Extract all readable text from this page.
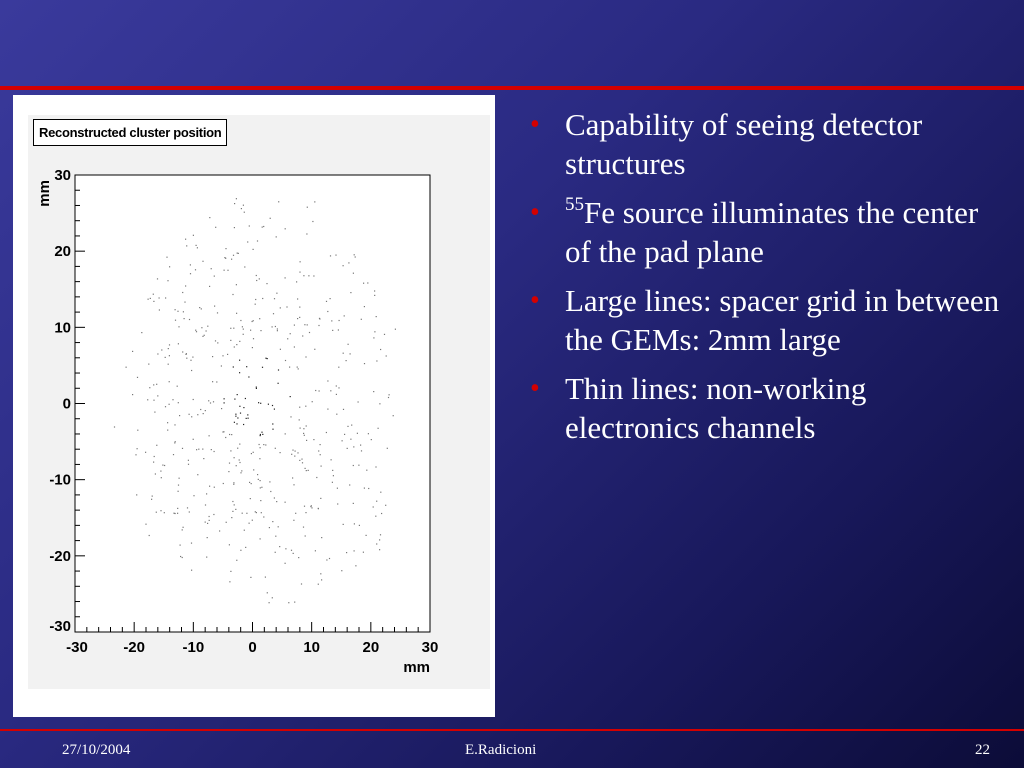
-30 -20 -10	0	10	20	30
-30
-20
-10
0
10
20
30
mm
mm
Reconstructed cluster position	• Capability of seeing detector structures
• $^{55}$Fe source illuminates the center of the pad plane
• Large lines: spacer grid in between the GEMs: 2mm large
• Thin lines: non-working electronics channels
27/10/2004	E.Radicioni	22
